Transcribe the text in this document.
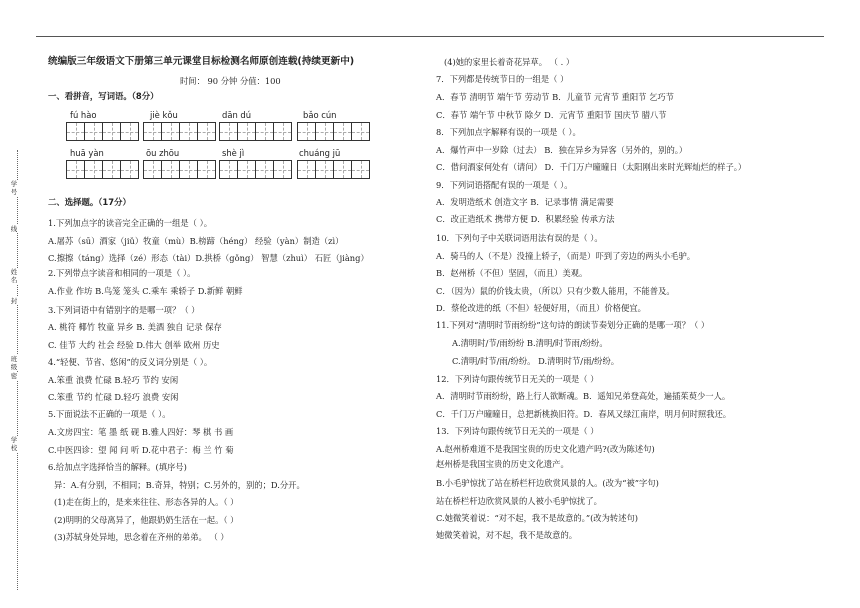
学号
线
姓名
封
班级
密
学校
统编版三年级语文下册第三单元课堂目标检测名师原创连载(持续更新中)
时间： 90 分钟 分值：100
一、看拼音，写词语。（8分）
fú hào	jiè kǒu	dān dú	bǎo cún
huā yàn	ōu zhōu	shè jì	chuáng jū
二、选择题。（17分）
1.下列加点字的读音完全正确的一组是（ ）。
A.屠苏（sū）酒家（jiǔ）牧童（mù）B.榜蹄（héng） 经验（yàn）制造（zì）
C.擦擦（táng）选择（zé）形态（tài）D.拱桥（gǒng） 智慧（zhuì） 石匠（jiàng）
2.下列带点字读音和相同的一项是（ ）。
A.作业 作坊 B.鸟笼 笼头 C.乘车 乘轿子 D.新鲜 朝鲜
3.下列词语中有错别字的是哪一项？（ ）
A. 桃符 椰竹 牧童 异乡 B. 美酒 独自 记录 保存
C. 佳节 大约 社会 经验 D.伟大 创举 欧州 历史
4.“轻便、节省、悠闲”的反义词分别是（ ）。
A.笨重 浪费 忙碌 B.轻巧 节约 安闲
C.笨重 节约 忙碌 D.轻巧 浪费 安闲
5.下面说法不正确的一项是（ ）。
A.文房四宝：笔 墨 纸 砚 B.雅人四好：琴 棋 书 画
C.中医四诊：望 闻 问 听 D.花中君子：梅 兰 竹 菊
6.给加点字选择恰当的解释。(填序号)
异：A.有分别，不相同；B.奇异，特别；C.另外的，别的；D.分开。
(1)走在街上的，是来来往往、形态各异的人。（ ）
(2)明明的父母离异了，他跟奶奶生活在一起。（ ）
(3)苏轼身处异地，思念着在齐州的弟弟。 （ ）
(4)她的家里长着奇花异草。 （ . ）
7．下列都是传统节日的一组是（ ）
A．春节 清明节 端午节 劳动节 B．儿童节 元宵节 重阳节 乞巧节
C．春节 端午节 中秋节 除夕 D．元宵节 重阳节 国庆节 腊八节
8．下列加点字解释有误的一项是（ ）。
A．爆竹声中一岁除（过去） B．独在异乡为异客（另外的，别的。）
C．借问酒家何处有（请问） D．千门万户曈曈日（太阳刚出来时光辉灿烂的样子。）
9．下列词语搭配有误的一项是（ ）。
A．发明造纸术 创造文字 B．记录事情 满足需要
C．改正造纸术 携带方便 D．积累经验 传承方法
10．下列句子中关联词语用法有误的是（ ）。
A．骑马的人（不是）没撞上轿子，（而是）吓到了旁边的两头小毛驴。
B．赵州桥（不但）坚固，（而且）美观。
C．（因为）鼠的价钱太贵，（所以）只有少数人能用，不能普及。
D．蔡伦改进的纸（不但）轻便好用，（而且）价格便宜。
11.下列对“清明时节雨纷纷”这句诗的朗读节奏划分正确的是哪一项？（ ）
A.清明时/节/雨纷纷 B.清明/时节雨/纷纷。
C.清明/时节/雨/纷纷。 D.清明时节/雨/纷纷。
12．下列诗句跟传统节日无关的一项是（ ）
A．清明时节雨纷纷，路上行人欲断魂。B．遥知兄弟登高处，遍插茱萸少一人。
C．千门万户曈曈日，总把新桃换旧符。D．春风又绿江南岸，明月何时照我还。
13．下列诗句跟传统节日无关的一项是（ ）
A.赵州桥难道不是我国宝贵的历史文化遗产吗?(改为陈述句)
赵州桥是我国宝贵的历史文化遗产。
B.小毛驴惊扰了站在桥栏杆边欣赏风景的人。(改为“被”字句)
站在桥栏杆边欣赏风景的人被小毛驴惊扰了。
C.她微笑着说：“对不起，我不是故意的。”(改为转述句)
她微笑着说，对不起，我不是故意的。
